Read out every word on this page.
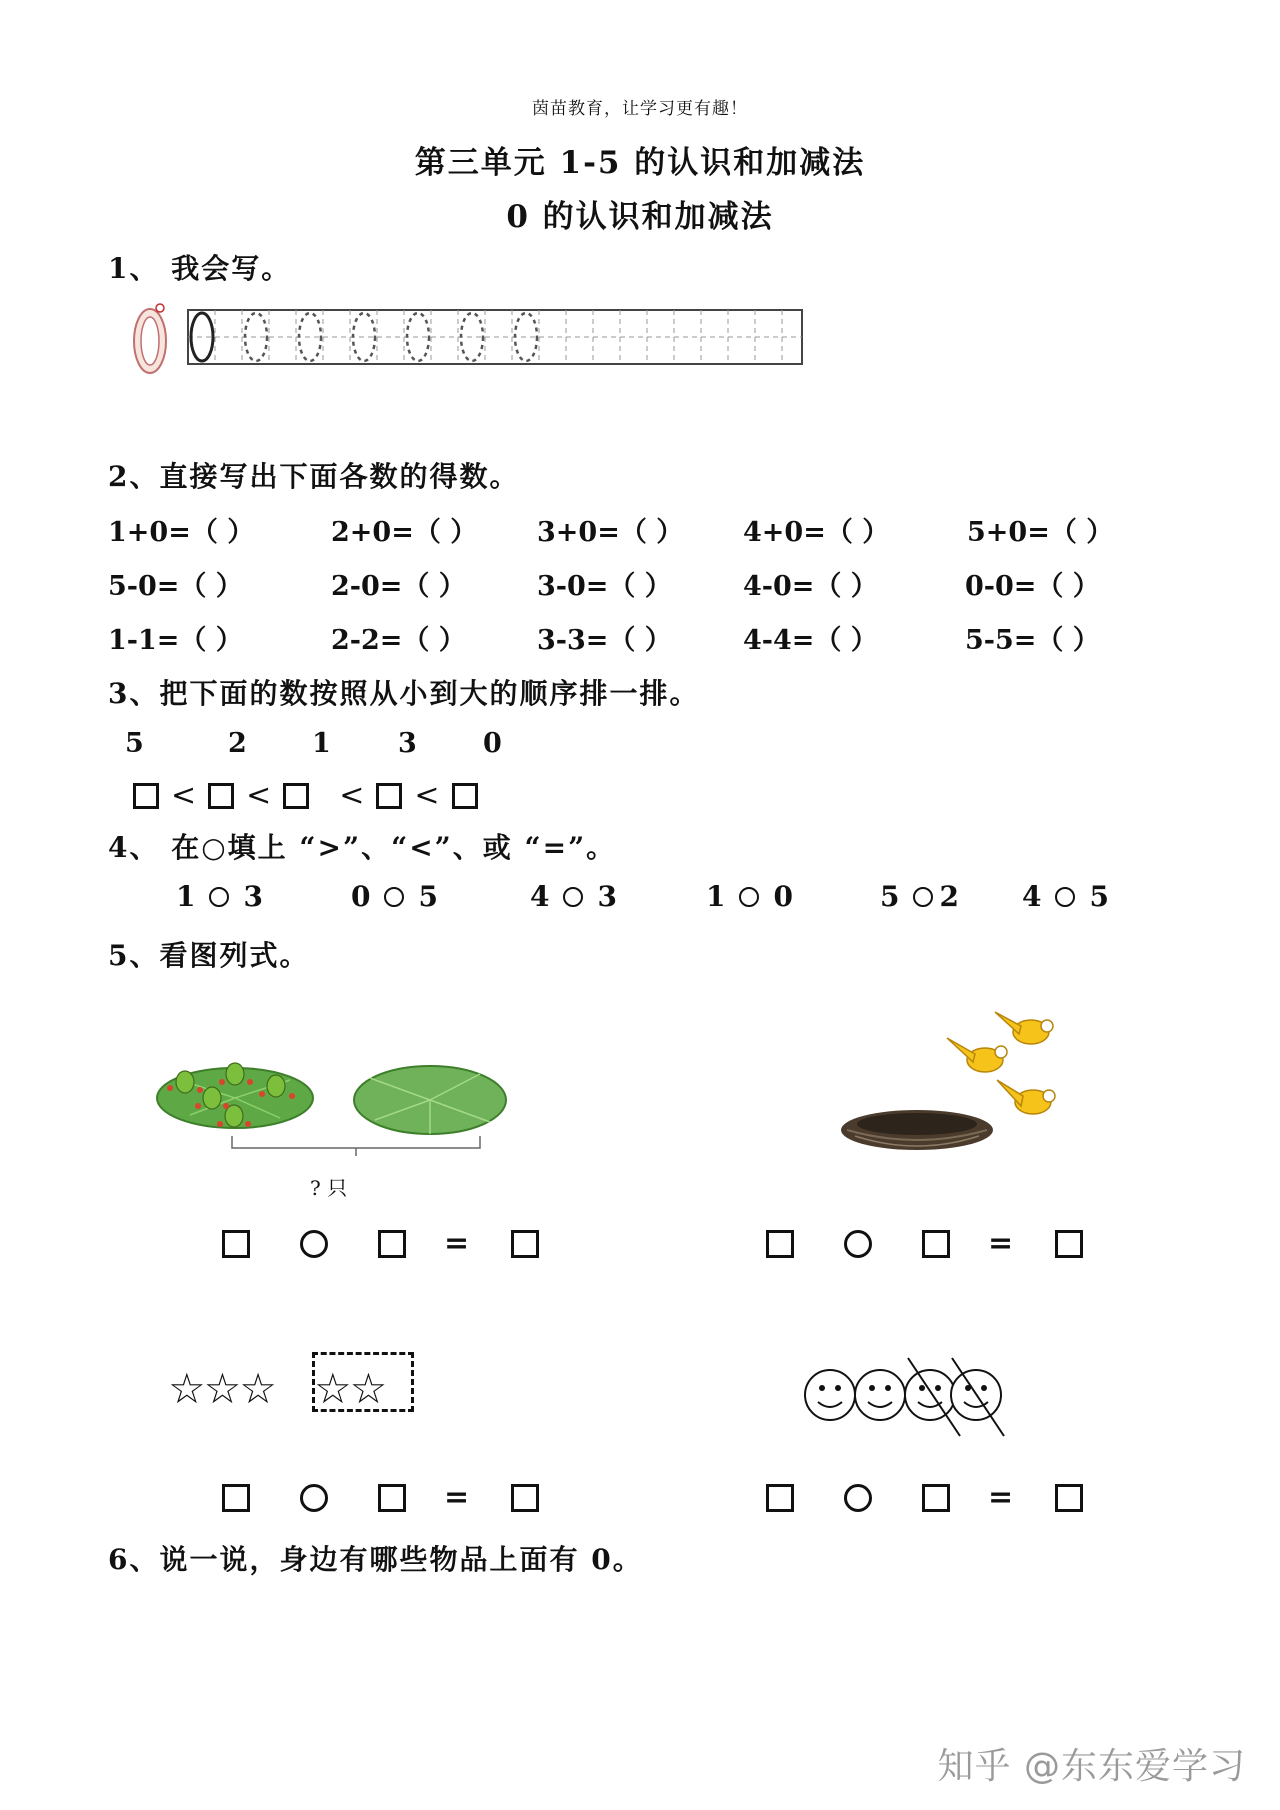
茵苗教育，让学习更有趣！
第三单元 1-5 的认识和加减法
0 的认识和加减法
1、 我会写。
2、直接写出下面各数的得数。
1+0=（ ）	2+0=（ ） 3+0=（ ） 4+0=（ ）	5+0=（ ）
5-0=（ ）	2-0=（ ）	3-0=（ ）	4-0=（ ）	0-0=（ ）
1-1=（ ）	2-2=（ ）	3-3=（ ）	4-4=（ ）	5-5=（ ）
3、把下面的数按照从小到大的顺序排一排。
5	2 1 3 0
< < < <
4、 在○填上 “>”、“<”、或 “=”。
1 3	0 5	4 3	1 0	5 2 4 5
5、看图列式。
? 只
=	=
☆☆☆ ☆☆
=	=
6、说一说，身边有哪些物品上面有 0。
知乎 @东东爱学习
